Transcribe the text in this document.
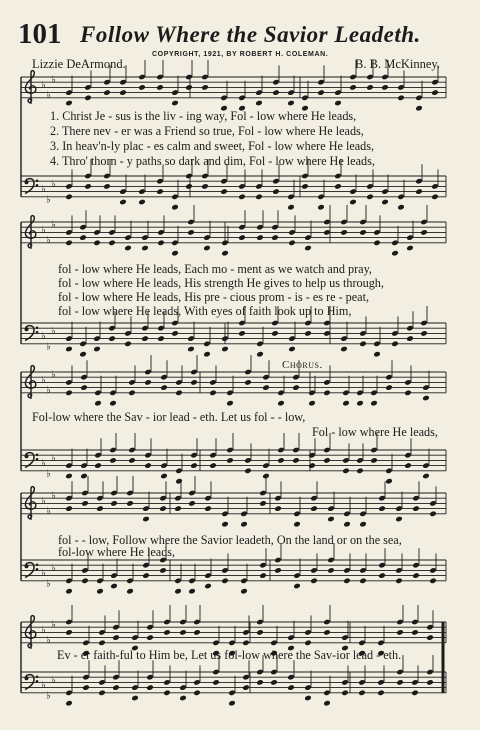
101 Follow Where the Savior Leadeth.
COPYRIGHT, 1921, BY ROBERT H. COLEMAN.
Lizzie DeArmond.	B. B. McKinney.
♭
♭
♭
♭
♭
♭
♭
♭
♭
♭
♭
♭
♭
♭
♭
♭
♭
♭
♭
♭
♭
♭
♭
♭
♭
♭
♭
♭
♭
♭
1. Christ Je - sus is the liv - ing way, Fol - low where He leads,
2. There nev - er was a Friend so true, Fol - low where He leads,
3. In heav'n-ly plac - es calm and sweet, Fol - low where He leads,
4. Thro' thorn - y paths so dark and dim, Fol - low where He leads,
fol - low where He leads, Each mo - ment as we watch and pray,
fol - low where He leads, His strength He gives to help us through,
fol - low where He leads, His pre - cious prom - is - es re - peat,
fol - low where He leads, With eyes of faith look up to Him,
Chorus.
Fol-low where the Sav - ior lead - eth. Let us fol - - low,
Fol - low where He leads,
fol - - low, Follow where the Savior leadeth, On the land or on the sea,
fol-low where He leads,
Ev - er faith-ful to Him be, Let us fol-low where the Sav-ior lead - eth.
